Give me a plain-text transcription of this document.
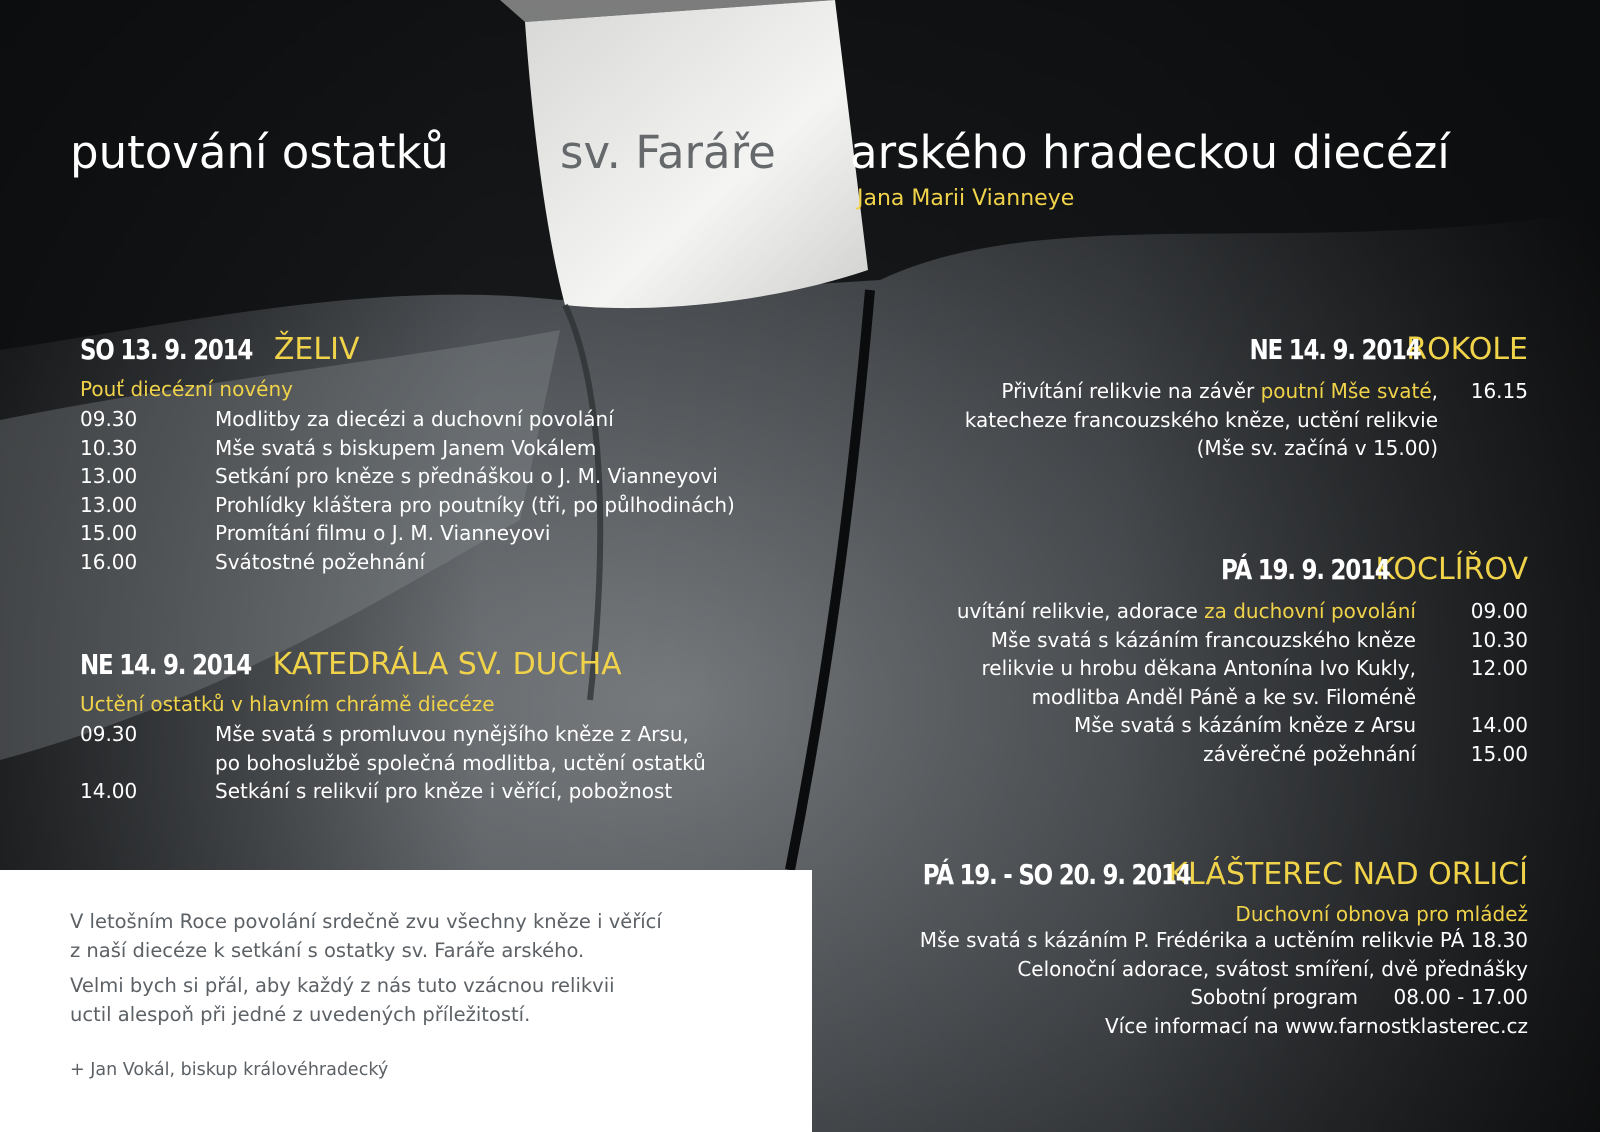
putování ostatků sv. Faráře arského hradeckou diecézí
Jana Marii Vianneye
SO 13. 9. 2014 ŽELIV
Pouť diecézní novény
09.30	Modlitby za diecézi a duchovní povolání
10.30	Mše svatá s biskupem Janem Vokálem
13.00	Setkání pro kněze s přednáškou o J. M. Vianneyovi
13.00	Prohlídky kláštera pro poutníky (tři, po půlhodinách)
15.00	Promítání filmu o J. M. Vianneyovi
16.00	Svátostné požehnání
NE 14. 9. 2014 KATEDRÁLA SV. DUCHA
Uctění ostatků v hlavním chrámě diecéze
09.30	Mše svatá s promluvou nynějšího kněze z Arsu,
po bohoslužbě společná modlitba, uctění ostatků
14.00	Setkání s relikvií pro kněze i věřící, pobožnost
NE 14. 9. 2014ROKOLE
Přivítání relikvie na závěr poutní Mše svaté, 16.15
katecheze francouzského kněze, uctění relikvie
(Mše sv. začíná v 15.00)
PÁ 19. 9. 2014KOCLÍŘOV
uvítání relikvie, adorace za duchovní povolání	09.00
Mše svatá s kázáním francouzského kněze	10.30
relikvie u hrobu děkana Antonína Ivo Kukly,	12.00
modlitba Anděl Páně a ke sv. Filoméně
Mše svatá s kázáním kněze z Arsu	14.00
závěrečné požehnání	15.00
PÁ 19. - SO 20. 9. 2014KLÁŠTEREC NAD ORLICÍ
Duchovní obnova pro mládež
Mše svatá s kázáním P. Frédérika a uctěním relikvie PÁ 18.30
Celonoční adorace, svátost smíření, dvě přednášky
Sobotní program 08.00 - 17.00
Více informací na www.farnostklasterec.cz
V letošním Roce povolání srdečně zvu všechny kněze i věřící
z naší diecéze k setkání s ostatky sv. Faráře arského.
Velmi bych si přál, aby každý z nás tuto vzácnou relikvii
uctil alespoň při jedné z uvedených příležitostí.
+ Jan Vokál, biskup královéhradecký
